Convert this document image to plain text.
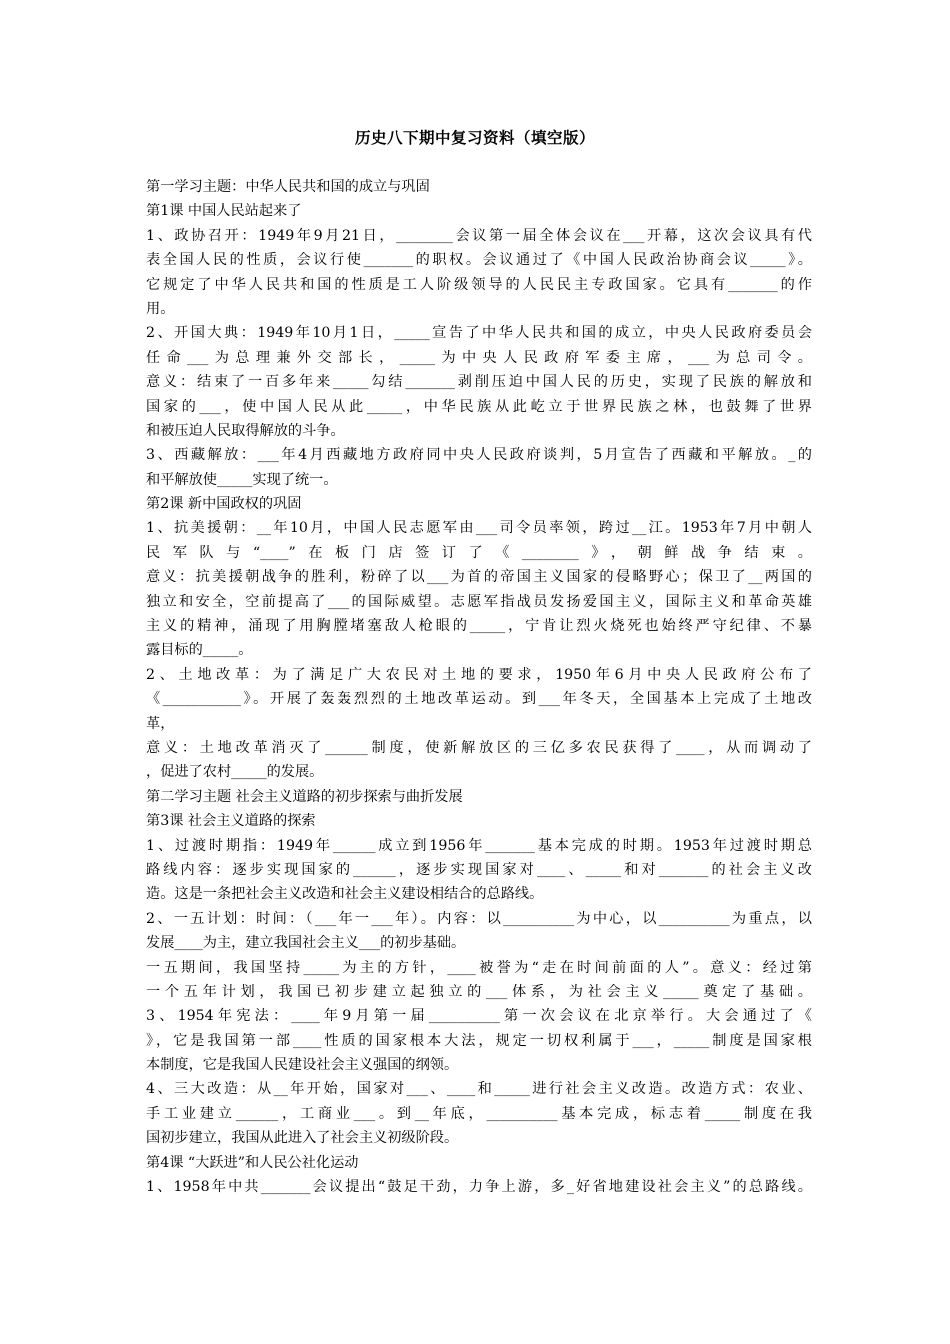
历史八下期中复习资料（填空版）
第一学习主题：中华人民共和国的成立与巩固
第1课 中国人民站起来了
1、政协召开：1949年9月21日，________会议第一届全体会议在___开幕，这次会议具有代
表全国人民的性质，会议行使_______的职权。会议通过了《中国人民政治协商会议_____》。
它规定了中华人民共和国的性质是工人阶级领导的人民民主专政国家。它具有_______的作
用。
2、开国大典：1949年10月1日，_____宣告了中华人民共和国的成立，中央人民政府委员会
任命___为总理兼外交部长，_____为中央人民政府军委主席，___为总司令。
意义：结束了一百多年来_____勾结_______剥削压迫中国人民的历史，实现了民族的解放和
国家的___，使中国人民从此_____，中华民族从此屹立于世界民族之林，也鼓舞了世界
和被压迫人民取得解放的斗争。
3、西藏解放：___年4月西藏地方政府同中央人民政府谈判，5月宣告了西藏和平解放。_的
和平解放使_____实现了统一。
第2课 新中国政权的巩固
1、抗美援朝：__年10月，中国人民志愿军由___司令员率领，跨过__江。1953年7月中朝人
民军队与“____”在板门店签订了《________》，朝鲜战争结束。
意义：抗美援朝战争的胜利，粉碎了以___为首的帝国主义国家的侵略野心；保卫了__两国的
独立和安全，空前提高了___的国际威望。志愿军指战员发扬爱国主义，国际主义和革命英雄
主义的精神，涌现了用胸膛堵塞敌人枪眼的_____，宁肯让烈火烧死也始终严守纪律、不暴
露目标的_____。
2、土地改革：为了满足广大农民对土地的要求，1950年6月中央人民政府公布了
《___________》。开展了轰轰烈烈的土地改革运动。到___年冬天，全国基本上完成了土地改
革，
意义：土地改革消灭了______制度，使新解放区的三亿多农民获得了____，从而调动了
，促进了农村_____的发展。
第二学习主题 社会主义道路的初步探索与曲折发展
第3课 社会主义道路的探索
1、过渡时期指：1949年______成立到1956年_______基本完成的时期。1953年过渡时期总
路线内容：逐步实现国家的______，逐步实现国家对____、_____和对_______的社会主义改
造。这是一条把社会主义改造和社会主义建设相结合的总路线。
2、一五计划：时间：（___年一___年）。内容：以__________为中心，以__________为重点，以
发展____为主，建立我国社会主义___的初步基础。
一五期间，我国坚持_____为主的方针，____被誉为“走在时间前面的人”。意义：经过第
一个五年计划，我国已初步建立起独立的___体系，为社会主义_____奠定了基础。
3、1954年宪法：____年9月第一届__________第一次会议在北京举行。大会通过了《
》，它是我国第一部____性质的国家根本大法，规定一切权利属于___，_____制度是国家根
本制度，它是我国人民建设社会主义强国的纲领。
4、三大改造：从__年开始，国家对___、____和_____进行社会主义改造。改造方式：农业、
手工业建立______，工商业___。到__年底，__________基本完成，标志着_____制度在我
国初步建立，我国从此进入了社会主义初级阶段。
第4课 “大跃进”和人民公社化运动
1、1958年中共_______会议提出“鼓足干劲，力争上游，多_好省地建设社会主义”的总路线。
